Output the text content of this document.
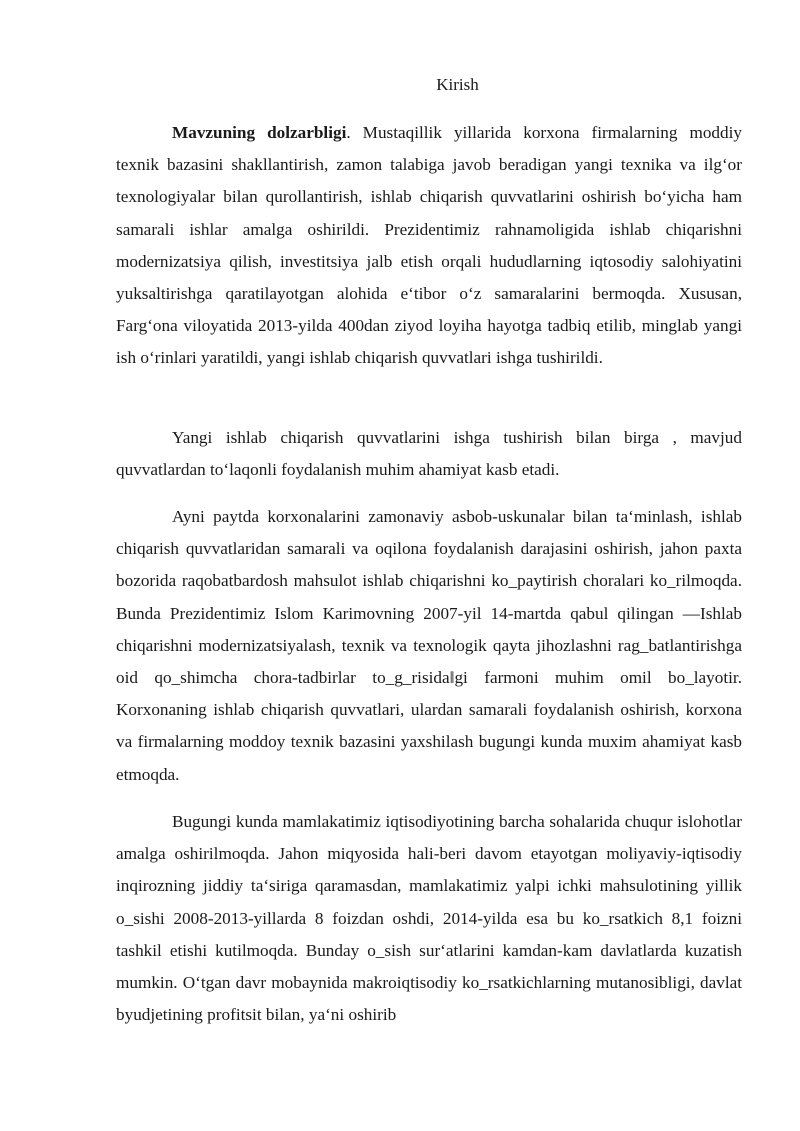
Kirish

Mavzuning dolzarbligi. Mustaqillik yillarida korxona firmalarning moddiy texnik bazasini shakllantirish, zamon talabiga javob beradigan yangi texnika va ilg‘or texnologiyalar bilan qurollantirish, ishlab chiqarish quvvatlarini oshirish bo‘yicha ham samarali ishlar amalga oshirildi. Prezidentimiz rahnamoligida ishlab chiqarishni modernizatsiya qilish, investitsiya jalb etish orqali hududlarning iqtosodiy salohiyatini yuksaltirishga qaratilayotgan alohida e‘tibor o‘z samaralarini bermoqda. Xususan, Farg‘ona viloyatida 2013-yilda 400dan ziyod loyiha hayotga tadbiq etilib, minglab yangi ish o‘rinlari yaratildi, yangi ishlab chiqarish quvvatlari ishga tushirildi.

Yangi ishlab chiqarish quvvatlarini ishga tushirish bilan birga , mavjud quvvatlardan to‘laqonli foydalanish muhim ahamiyat kasb etadi.

Ayni paytda korxonalarini zamonaviy asbob-uskunalar bilan ta‘minlash, ishlab chiqarish quvvatlaridan samarali va oqilona foydalanish darajasini oshirish, jahon paxta bozorida raqobatbardosh mahsulot ishlab chiqarishni ko_paytirish choralari ko_rilmoqda. Bunda Prezidentimiz Islom Karimovning 2007-yil 14-martda qabul qilingan ―Ishlab chiqarishni modernizatsiyalash, texnik va texnologik qayta jihozlashni rag_batlantirishga oid qo_shimcha chora-tadbirlar to_g_risida‖gi farmoni muhim omil bo_layotir. Korxonaning ishlab chiqarish quvvatlari, ulardan samarali foydalanish oshirish, korxona va firmalarning moddoy texnik bazasini yaxshilash bugungi kunda muxim ahamiyat kasb etmoqda.

Bugungi kunda mamlakatimiz iqtisodiyotining barcha sohalarida chuqur islohotlar amalga oshirilmoqda. Jahon miqyosida hali-beri davom etayotgan moliyaviy-iqtisodiy inqirozning jiddiy ta‘siriga qaramasdan, mamlakatimiz yalpi ichki mahsulotining yillik o_sishi 2008-2013-yillarda 8 foizdan oshdi, 2014-yilda esa bu ko_rsatkich 8,1 foizni tashkil etishi kutilmoqda. Bunday o_sish sur‘atlarini kamdan-kam davlatlarda kuzatish mumkin. O‘tgan davr mobaynida makroiqtisodiy ko_rsatkichlarning mutanosibligi, davlat byudjetining profitsit bilan, ya‘ni oshirib
